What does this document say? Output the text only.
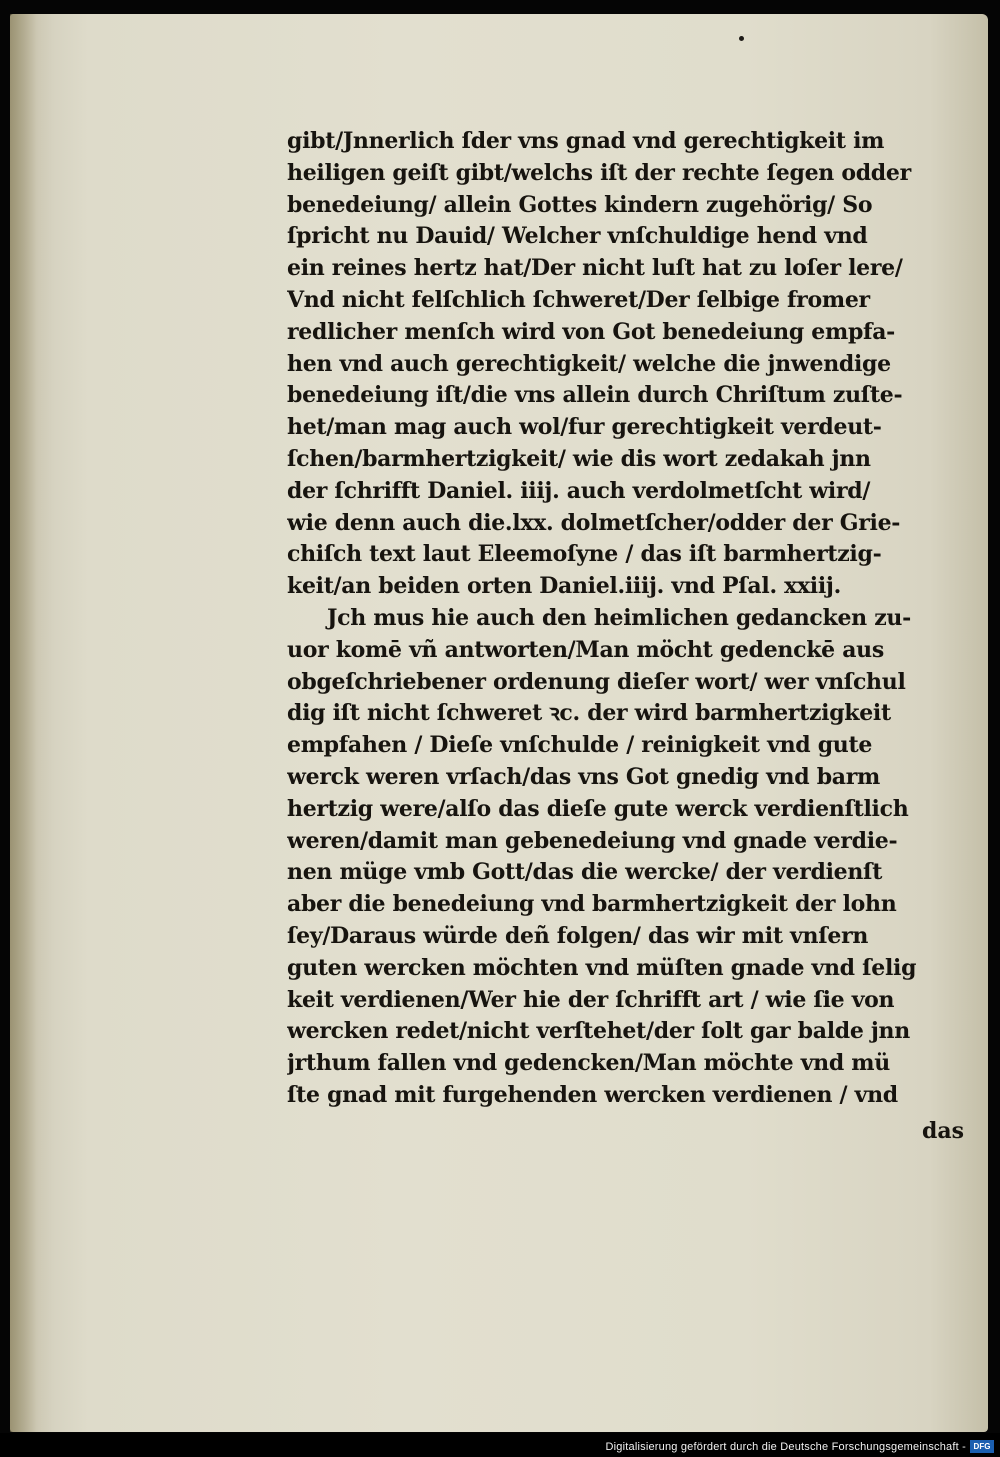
gibt/Jnnerlich ſder vns gnad vnd gerechtigkeit im
heiligen geiſt gibt/welchs iſt der rechte ſegen odder
benedeiung/ allein Gottes kindern zugehörig/ So
ſpricht nu Dauid/ Welcher vnſchuldige hend vnd
ein reines hertz hat/Der nicht luſt hat zu loſer lere/
Vnd nicht felſchlich ſchweret/Der ſelbige fromer
redlicher menſch wird von Got benedeiung empfa-
hen vnd auch gerechtigkeit/ welche die jnwendige
benedeiung iſt/die vns allein durch Chriſtum zuſte-
het/man mag auch wol/fur gerechtigkeit verdeut-
ſchen/barmhertzigkeit/ wie dis wort zedakah jnn
der ſchrifft Daniel. iiij. auch verdolmetſcht wird/
wie denn auch die.lxx. dolmetſcher/odder der Grie-
chiſch text laut Eleemoſyne / das iſt barmhertzig-
keit/an beiden orten Daniel.iiij. vnd Pſal. xxiij.
Jch mus hie auch den heimlichen gedancken zu-
uor komē vñ antworten/Man möcht gedenckē aus
obgeſchriebener ordenung dieſer wort/ wer vnſchul
dig iſt nicht ſchweret ꝛc. der wird barmhertzigkeit
empfahen / Dieſe vnſchulde / reinigkeit vnd gute
werck weren vrſach/das vns Got gnedig vnd barm
hertzig were/alſo das dieſe gute werck verdienſtlich
weren/damit man gebenedeiung vnd gnade verdie-
nen müge vmb Gott/das die wercke/ der verdienſt
aber die benedeiung vnd barmhertzigkeit der lohn
ſey/Daraus würde deñ folgen/ das wir mit vnſern
guten wercken möchten vnd müſten gnade vnd ſelig
keit verdienen/Wer hie der ſchrifft art / wie ſie von
wercken redet/nicht verſtehet/der ſolt gar balde jnn
jrthum fallen vnd gedencken/Man möchte vnd mü
ſte gnad mit furgehenden wercken verdienen / vnd
das
Digitalisierung gefördert durch die Deutsche Forschungsgemeinschaft - DFG
